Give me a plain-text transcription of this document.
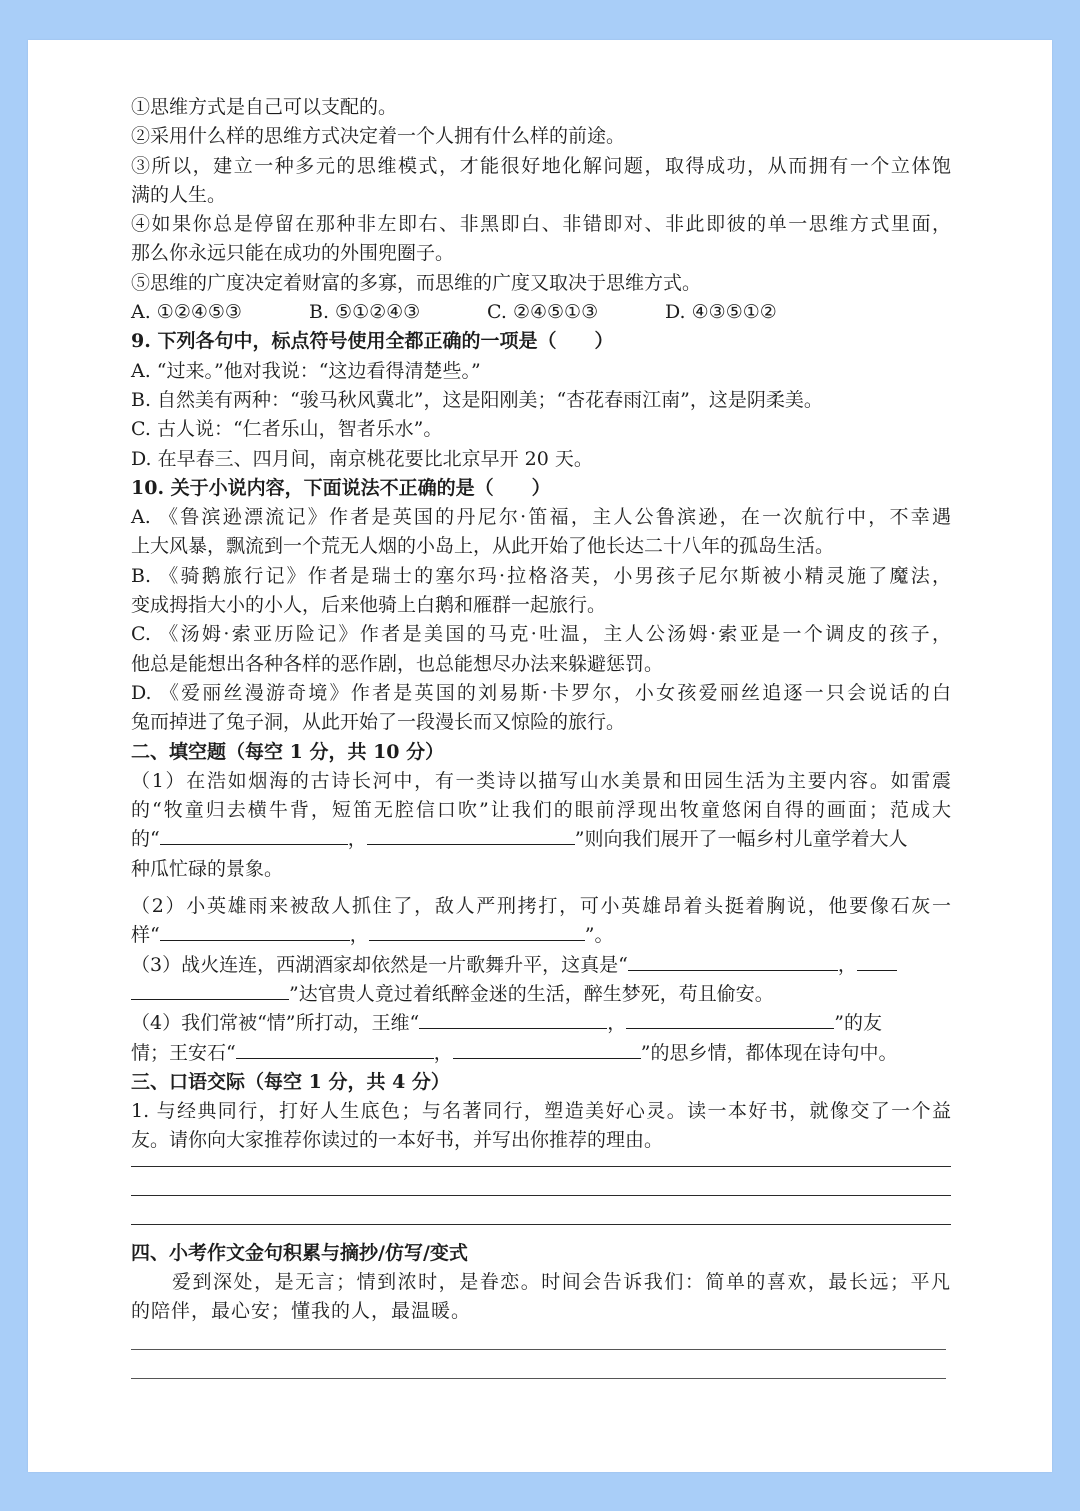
①思维方式是自己可以支配的。
②采用什么样的思维方式决定着一个人拥有什么样的前途。
③所以，建立一种多元的思维模式，才能很好地化解问题，取得成功，从而拥有一个立体饱
满的人生。
④如果你总是停留在那种非左即右、非黑即白、非错即对、非此即彼的单一思维方式里面，
那么你永远只能在成功的外围兜圈子。
⑤思维的广度决定着财富的多寡，而思维的广度又取决于思维方式。
A. ①②④⑤③	B. ⑤①②④③	C. ②④⑤①③	D. ④③⑤①②
9. 下列各句中，标点符号使用全都正确的一项是（　　）
A. “过来。”他对我说：“这边看得清楚些。”
B. 自然美有两种：“骏马秋风冀北”，这是阳刚美；“杏花春雨江南”，这是阴柔美。
C. 古人说：“仁者乐山，智者乐水”。
D. 在早春三、四月间，南京桃花要比北京早开 20 天。
10. 关于小说内容，下面说法不正确的是（　　）
A. 《鲁滨逊漂流记》作者是英国的丹尼尔·笛福，主人公鲁滨逊，在一次航行中，不幸遇
上大风暴，飘流到一个荒无人烟的小岛上，从此开始了他长达二十八年的孤岛生活。
B. 《骑鹅旅行记》作者是瑞士的塞尔玛·拉格洛芙，小男孩子尼尔斯被小精灵施了魔法，
变成拇指大小的小人，后来他骑上白鹅和雁群一起旅行。
C. 《汤姆·索亚历险记》作者是美国的马克·吐温，主人公汤姆·索亚是一个调皮的孩子，
他总是能想出各种各样的恶作剧，也总能想尽办法来躲避惩罚。
D. 《爱丽丝漫游奇境》作者是英国的刘易斯·卡罗尔，小女孩爱丽丝追逐一只会说话的白
兔而掉进了兔子洞，从此开始了一段漫长而又惊险的旅行。
二、填空题（每空 1 分，共 10 分）
（1）在浩如烟海的古诗长河中，有一类诗以描写山水美景和田园生活为主要内容。如雷震
的“牧童归去横牛背，短笛无腔信口吹”让我们的眼前浮现出牧童悠闲自得的画面；范成大
的“	，	”则向我们展开了一幅乡村儿童学着大人
种瓜忙碌的景象。
（2）小英雄雨来被敌人抓住了，敌人严刑拷打，可小英雄昂着头挺着胸说，他要像石灰一
样“	，	”。
（3）战火连连，西湖酒家却依然是一片歌舞升平，这真是“	，
”达官贵人竟过着纸醉金迷的生活，醉生梦死，苟且偷安。
（4）我们常被“情”所打动，王维“	，	”的友
情；王安石“	，	”的思乡情，都体现在诗句中。
三、口语交际（每空 1 分，共 4 分）
1. 与经典同行，打好人生底色；与名著同行，塑造美好心灵。读一本好书，就像交了一个益
友。请你向大家推荐你读过的一本好书，并写出你推荐的理由。
四、小考作文金句积累与摘抄/仿写/变式
　　爱到深处，是无言；情到浓时，是眷恋。时间会告诉我们：简单的喜欢，最长远；平凡
的陪伴，最心安；懂我的人，最温暖。
